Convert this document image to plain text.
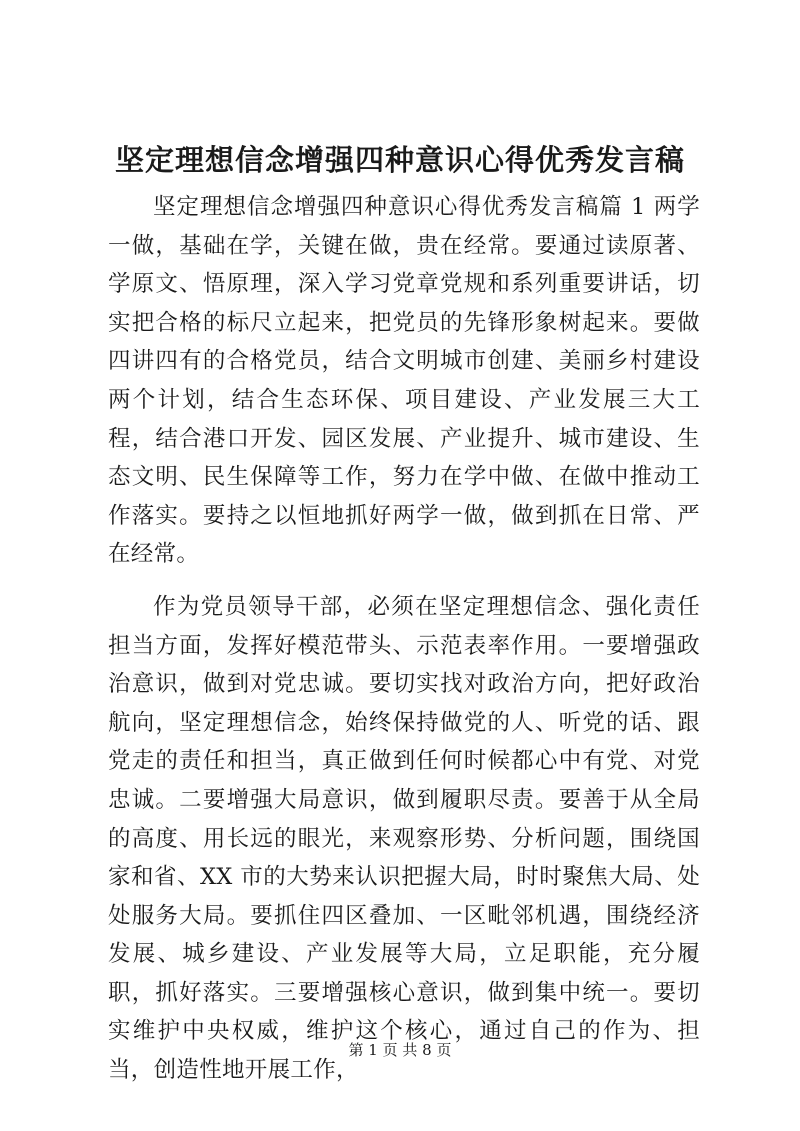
坚定理想信念增强四种意识心得优秀发言稿

坚定理想信念增强四种意识心得优秀发言稿篇 1 两学一做，基础在学，关键在做，贵在经常。要通过读原著、学原文、悟原理，深入学习党章党规和系列重要讲话，切实把合格的标尺立起来，把党员的先锋形象树起来。要做四讲四有的合格党员，结合文明城市创建、美丽乡村建设两个计划，结合生态环保、项目建设、产业发展三大工程，结合港口开发、园区发展、产业提升、城市建设、生态文明、民生保障等工作，努力在学中做、在做中推动工作落实。要持之以恒地抓好两学一做，做到抓在日常、严在经常。

作为党员领导干部，必须在坚定理想信念、强化责任担当方面，发挥好模范带头、示范表率作用。一要增强政治意识，做到对党忠诚。要切实找对政治方向，把好政治航向，坚定理想信念，始终保持做党的人、听党的话、跟党走的责任和担当，真正做到任何时候都心中有党、对党忠诚。二要增强大局意识，做到履职尽责。要善于从全局的高度、用长远的眼光，来观察形势、分析问题，围绕国家和省、XX 市的大势来认识把握大局，时时聚焦大局、处处服务大局。要抓住四区叠加、一区毗邻机遇，围绕经济发展、城乡建设、产业发展等大局，立足职能，充分履职，抓好落实。三要增强核心意识，做到集中统一。要切实维护中央权威，维护这个核心，通过自己的作为、担当，创造性地开展工作，

第 1 页 共 8 页
